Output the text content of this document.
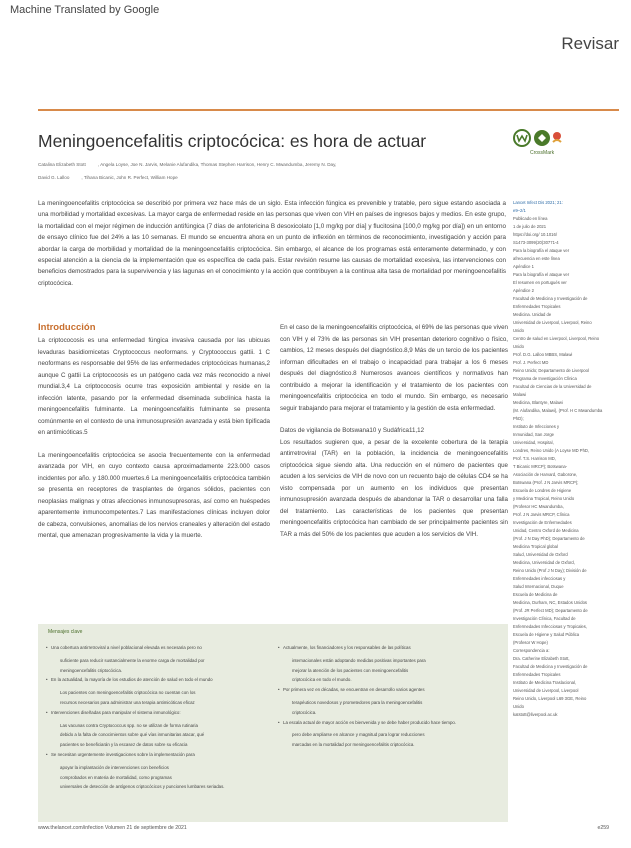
Machine Translated by Google
Revisar
Meningoencefalitis criptocócica: es hora de actuar
Catalina Elizabeth Stott	, Angela Loyse, Joe N. Jarvis, Melanie Alufandika, Thomas Stephen Harrison, Henry C. Mwandumba, Jeremy N. Day,
David G. Lalloo	, Tihana Bicanic, John R. Perfect, William Hope
CrossMark

La meningoencefalitis criptocócica se describió por primera vez hace más de un siglo. Esta infección fúngica es prevenible y tratable, pero sigue estando asociada a una morbilidad y mortalidad excesivas. La mayor carga de enfermedad reside en las personas que viven con VIH en países de ingresos bajos y medios. En este grupo, la mortalidad con el mejor régimen de inducción antifúngica (7 días de anfotericina B desoxicolato [1,0 mg/kg por día] y flucitosina [100,0 mg/kg por día]) en un entorno de ensayo clínico fue del 24% a las 10 semanas. El mundo se encuentra ahora en un punto de inflexión en términos de reconocimiento, investigación y acción para abordar la carga de morbilidad y mortalidad de la meningoencefalitis criptocócica. Sin embargo, el alcance de los programas está enteramente determinado, y con especial atención a la ciencia de la implementación que es específica de cada país. Estar revisión resume las causas de mortalidad excesiva, las intervenciones con beneficios demostrados para la supervivencia y las lagunas en el conocimiento y la acción que contribuyen a la continua alta tasa de mortalidad por meningoencefalitis criptocócica.

Introducción

La criptococosis es una enfermedad fúngica invasiva causada por las ubicuas levaduras basidiomicetas Cryptococcus neoformans. y Cryptococcus gattii. 1 C neoformans es responsable del 95% de las enfermedades criptocócicas humanas,2 aunque C gattii La criptococosis es un patógeno cada vez más reconocido a nivel mundial.3,4 La criptococosis ocurre tras exposición ambiental y reside en la infección latente, pasando por la enfermedad diseminada subclínica hasta la meningoencefalitis fulminante. La meningoencefalitis fulminante se presenta comúnmente en el contexto de una inmunosupresión avanzada y está bien tipificada en antimicóticas.5

La meningoencefalitis criptocócica se asocia frecuentemente con la enfermedad avanzada por VIH, en cuyo contexto causa aproximadamente 223.000 casos incidentes por año. y 180.000 muertes.6 La meningoencefalitis criptocócica también se presenta en receptores de trasplantes de órganos sólidos, pacientes con neoplasias malignas y otras afecciones inmunosupresoras, así como en huéspedes aparentemente inmunocompetentes.7 Las manifestaciones clínicas incluyen dolor de cabeza, convulsiones, anomalías de los nervios craneales y alteración del estado mental, que amenazan progresivamente la vida y la muerte.

En el caso de la meningoencefalitis criptocócica, el 69% de las personas que viven con VIH y el 73% de las personas sin VIH presentan deterioro cognitivo o físico, cambios, 12 meses después del diagnóstico.8,9 Más de un tercio de los pacientes informan dificultades en el trabajo o incapacidad para trabajar a los 6 meses después del diagnóstico.8 Numerosos avances científicos y normativos han contribuido a mejorar la identificación y el tratamiento de los pacientes con meningoencefalitis criptocócica en todo el mundo. Sin embargo, es necesario seguir trabajando para mejorar el tratamiento y la gestión de esta enfermedad.

Datos de vigilancia de Botswana10 y Sudáfrica11,12

Los resultados sugieren que, a pesar de la excelente cobertura de la terapia antirretroviral (TAR) en la población, la incidencia de meningoencefalitis criptocócica sigue siendo alta. Una reducción en el número de pacientes que acuden a los servicios de VIH de novo con un recuento bajo de células CD4 se ha visto compensada por un aumento en los individuos que presentan inmunosupresión avanzada después de abandonar la TAR o desarrollar una falla del tratamiento. Las características de los pacientes que presentan meningoencefalitis criptocócica han cambiado de ser principalmente pacientes sin TAR a más del 50% de los pacientes que acuden a los servicios de VIH.

Lancet Infect Dis 2021; 21:
e9–2/1
Publicado en línea
1 de julio de 2021
https://doi.org/ 10.1016/
S1473-3099(20)30771-4
Para la biografía el ataque ver
afrecuencia en este línea
Apéndice 1
Para la biografía el ataque ver
El resumen en portugués ver
Apéndice 2
Facultad de Medicina y Investigación de Enfermedades Tropicales
Medicina. Unidad de
Universidad de Liverpool, Liverpool, Reino Unido
Centro de salud en Liverpool, Liverpool, Reino Unido
Prof. D.G. Lalloo MBBS, Malawi
Prof. J. Perfect MD
Reino Unido; Departamento de Liverpool
Programa de Investigación Clínica
Facultad de Ciencias de la Universidad de Malawi
Medicina, Blantyre, Malawi
(M. Alufandika, Malawi), (Prof. H C Mwandumba PhD);
Instituto de Infecciones y
Inmunidad, San Jorge
Universidad, Hospital,
Londres, Reino Unido (A Loyse MD PhD,
Prof. T.S. Harrison MD,
T Bicanic MRCP); Botswana-
Asociación de Harvard, Gaborone,
Botswana (Prof. J N Jarvis MRCP);
Escuela de Londres de Higiene
y Medicina Tropical, Reino Unido
(Profesor HC Mwandumba,
Prof. J N Jarvis MRCP, Clínica
Investigación de Enfermedades
Unidad, Centro Oxford de Medicina
(Prof. J N Day PhD); Departamento de
Medicina Tropical global
Salud, Universidad de Oxford
Medicina, Universidad de Oxford,
Reino Unido (Prof J N Day); División de
Enfermedades infecciosas y
Salud Internacional, Duque
Escuela de Medicina de
Medicina, Durham, NC, Estados Unidos
(Prof. JR Perfect MD); Departamento de
Investigación Clínica, Facultad de
Enfermedades Infecciosas y Tropicales,
Escuela de Higiene y Salud Pública
(Profesor W Hope)
Correspondencia a:
Dra. Catherine Elizabeth Stott,
Facultad de Medicina y Investigación de Enfermedades Tropicales
Instituto de Medicina Traslacional,
Universidad de Liverpool, Liverpool
Reino Unido, Liverpool L69 3GE, Reino
Unido
katstott@liverpool.ac.uk
Mensajes clave
• Una cobertura antirretroviral a nivel poblacional elevada es necesaria pero no
suficiente para reducir sustancialmente la enorme carga de mortalidad por
meningoencefalitis criptocócica.
• En la actualidad, la mayoría de los estudios de atención de salud en todo el mundo
Los pacientes con meningoencefalitis criptocócica no cuentan con los
recursos necesarios para administrar una terapia antimicóticas eficaz
• Intervenciones diseñadas para manipular el sistema inmunológico:
Las vacunas contra Cryptococcus spp. no se utilizan de forma rutinaria
debido a la falta de conocimientos sobre qué vías inmunitarias atacar, qué
pacientes se beneficiarán y la escasez de datos sobre su eficacia
• Se necesitan urgentemente investigaciones sobre la implementación para
apoyar la implantación de intervenciones con beneficios
comprobados en materia de mortalidad, como programas
universales de detección de antígenos criptocócicos y punciones lumbares seriadas.
• Actualmente, los financiadores y los responsables de las políticas
internacionales están adoptando medidas positivas importantes para
mejorar la atención de los pacientes con meningoencefalitis
criptocócica en todo el mundo.
• Por primera vez en décadas, se encuentran en desarrollo varios agentes
terapéuticos novedosos y prometedores para la meningoencefalitis
criptocócica.
• La escala actual de mayor acción es bienvenida y se debe haber producido hace tiempo.
pero debe ampliarse en alcance y magnitud para lograr reducciones
marcadas en la mortalidad por meningoencefalitis criptocócica.
www.thelancet.com/infection Volumen 21 de septiembre de 2021	e259
